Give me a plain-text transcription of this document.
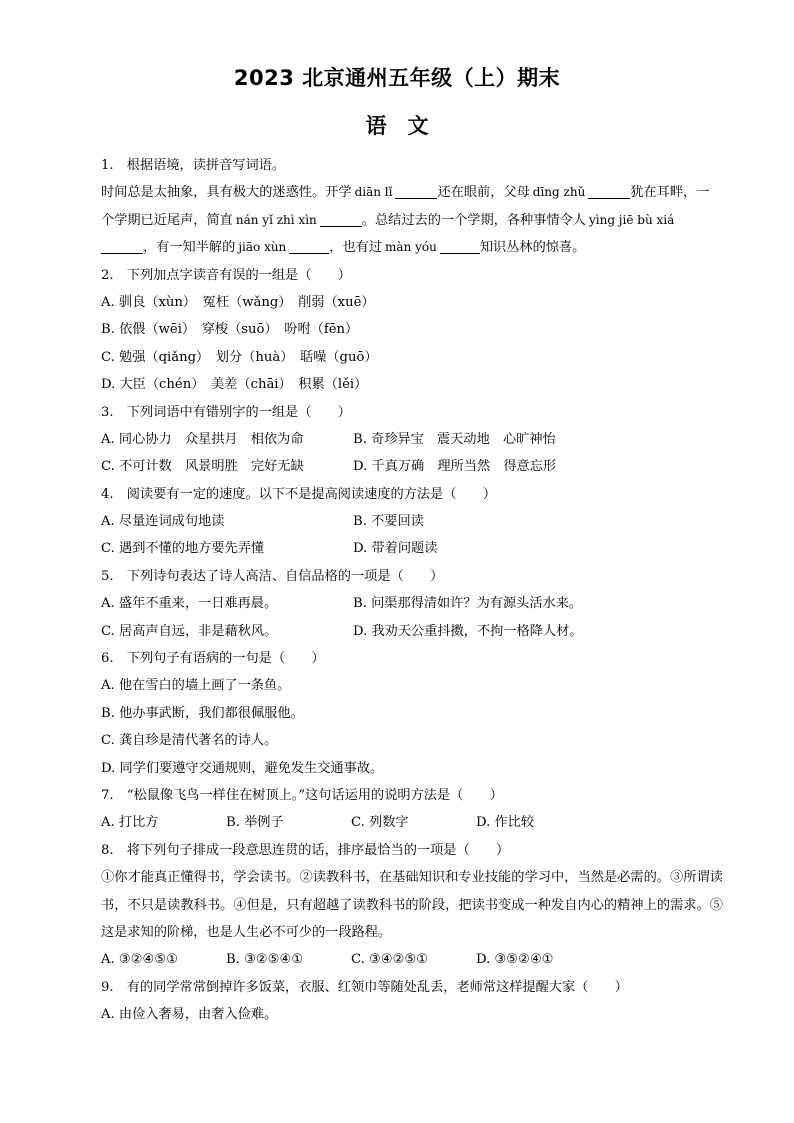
2023 北京通州五年级（上）期末
语　文
1.　根据语境，读拼音写词语。
时间总是太抽象，具有极大的迷惑性。开学 diān lǐ	还在眼前，父母 dīng zhǔ	犹在耳畔，一
个学期已近尾声，简直 nán yǐ zhì xìn	。总结过去的一个学期，各种事情令人 yìng jiē bù xiá
，有一知半解的 jiāo xùn	，也有过 màn yóu	知识丛林的惊喜。
2.　下列加点字读音有误的一组是（　　）
A. 驯良（xùn）　冤枉（wǎng）　削弱（xuē）
B. 依偎（wēi）　穿梭（suō）　吩咐（fēn）
C. 勉强（qiǎng）　划分（huà）　聒噪（guō）
D. 大臣（chén）　美差（chāi）　积累（lěi）
3.　下列词语中有错别字的一组是（　　）
A. 同心协力　众星拱月　相依为命	B. 奇珍异宝　震天动地　心旷神怡
C. 不可计数　风景明胜　完好无缺	D. 千真万确　理所当然　得意忘形
4.　阅读要有一定的速度。以下不是提高阅读速度的方法是（　　）
A. 尽量连词成句地读	B. 不要回读
C. 遇到不懂的地方要先弄懂	D. 带着问题读
5.　下列诗句表达了诗人高洁、自信品格的一项是（　　）
A. 盛年不重来，一日难再晨。	B. 问渠那得清如许？为有源头活水来。
C. 居高声自远，非是藉秋风。	D. 我劝天公重抖擞，不拘一格降人材。
6.　下列句子有语病的一句是（　　）
A. 他在雪白的墙上画了一条鱼。
B. 他办事武断，我们都很佩服他。
C. 龚自珍是清代著名的诗人。
D. 同学们要遵守交通规则，避免发生交通事故。
7.　“松鼠像飞鸟一样住在树顶上。”这句话运用的说明方法是（　　）
A. 打比方	B. 举例子	C. 列数字	D. 作比较
8.　将下列句子排成一段意思连贯的话，排序最恰当的一项是（　　）
①你才能真正懂得书，学会读书。②读教科书，在基础知识和专业技能的学习中，当然是必需的。③所谓读书，不只是读教科书。④但是，只有超越了读教科书的阶段，把读书变成一种发自内心的精神上的需求。⑤这是求知的阶梯，也是人生必不可少的一段路程。
A. ③②④⑤①	B. ③②⑤④①	C. ③④②⑤①	D. ③⑤②④①
9.　有的同学常常倒掉许多饭菜，衣服、红领巾等随处乱丢，老师常这样提醒大家（　　）
A. 由俭入奢易，由奢入俭难。
